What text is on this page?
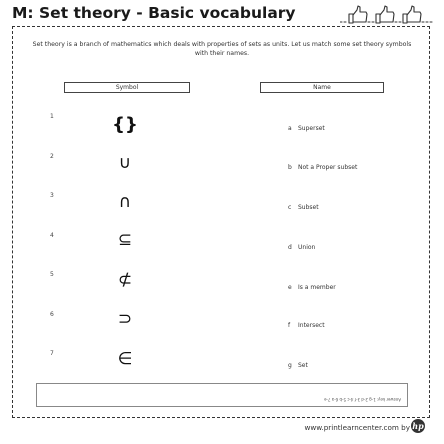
M: Set theory - Basic vocabulary
Set theory is a branch of mathematics which deals with properties of sets as units. Let us match some set theory symbols with their names.
Symbol	Name
1
2
3
4
5
6
7
{}
∪
∩
⊆
⊄
⊃
∈
a Superset
b Not a Proper subset
c Subset
d Union
e Is a member
f Intersect
g Set
Answer key: 1-g 2-d 3-f 4-c 5-b 6-a 7-e
www.printlearncenter.com by hp
